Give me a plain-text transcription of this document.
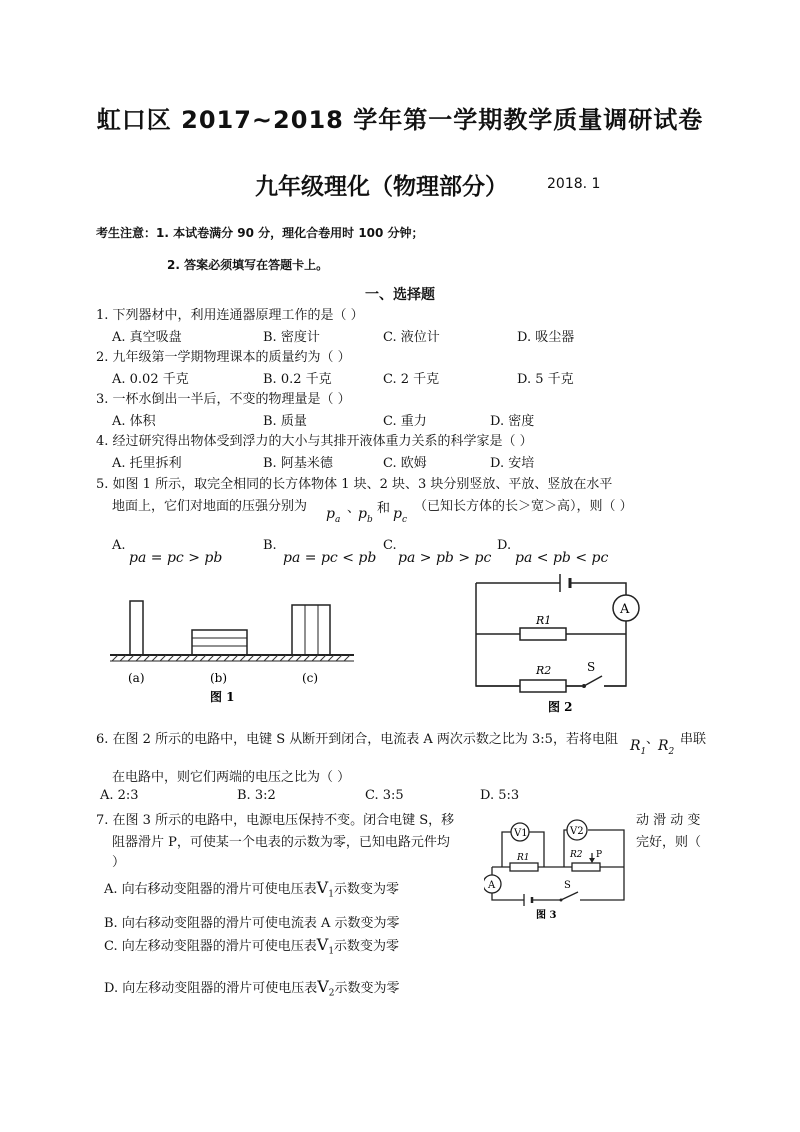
虹口区 2017~2018 学年第一学期教学质量调研试卷
九年级理化（物理部分）	2018. 1
考生注意：1. 本试卷满分 90 分，理化合卷用时 100 分钟；
2. 答案必须填写在答题卡上。
一、选择题
1. 下列器材中，利用连通器原理工作的是（ ）
A. 真空吸盘	B. 密度计	C. 液位计	D. 吸尘器
2. 九年级第一学期物理课本的质量约为（ ）
A. 0.02 千克	B. 0.2 千克	C. 2 千克	D. 5 千克
3. 一杯水倒出一半后，不变的物理量是（ ）
A. 体积	B. 质量	C. 重力	D. 密度
4. 经过研究得出物体受到浮力的大小与其排开液体重力关系的科学家是（ ）
A. 托里拆利	B. 阿基米德	C. 欧姆	D. 安培
5. 如图 1 所示，取完全相同的长方体物体 1 块、2 块、3 块分别竖放、平放、竖放在水平
地面上，它们对地面的压强分别为 $p_a$
、
$p_b$
和 $p_c$
（已知长方体的长＞宽＞高），则（ ）
A.
pa = pc > pb
B.
pa = pc < pb
C.
pa > pb > pc
D.
pa < pb < pc
(a)	(b)	(c)
图 1
A
R1
R2	S
图 2
6. 在图 2 所示的电路中，电键 S 从断开到闭合，电流表 A 两次示数之比为 3:5，若将电阻 $R_1$
、
$R_2$
串联
在电路中，则它们两端的电压之比为（ ）
A. 2:3	B. 3:2	C. 3:5	D. 5:3
7. 在图 3 所示的电路中，电源电压保持不变。闭合电键 S，移	动 滑 动 变
阻器滑片 P，可使某一个电表的示数为零，已知电路元件均	完好，则（
）
A. 向右移动变阻器的滑片可使电压表$V_1$示数变为零
B. 向右移动变阻器的滑片可使电流表 A 示数变为零
C. 向左移动变阻器的滑片可使电压表$V_1$示数变为零
D. 向左移动变阻器的滑片可使电压表$V_2$示数变为零
V1	V2
R1	R2 P
A	S
图 3
